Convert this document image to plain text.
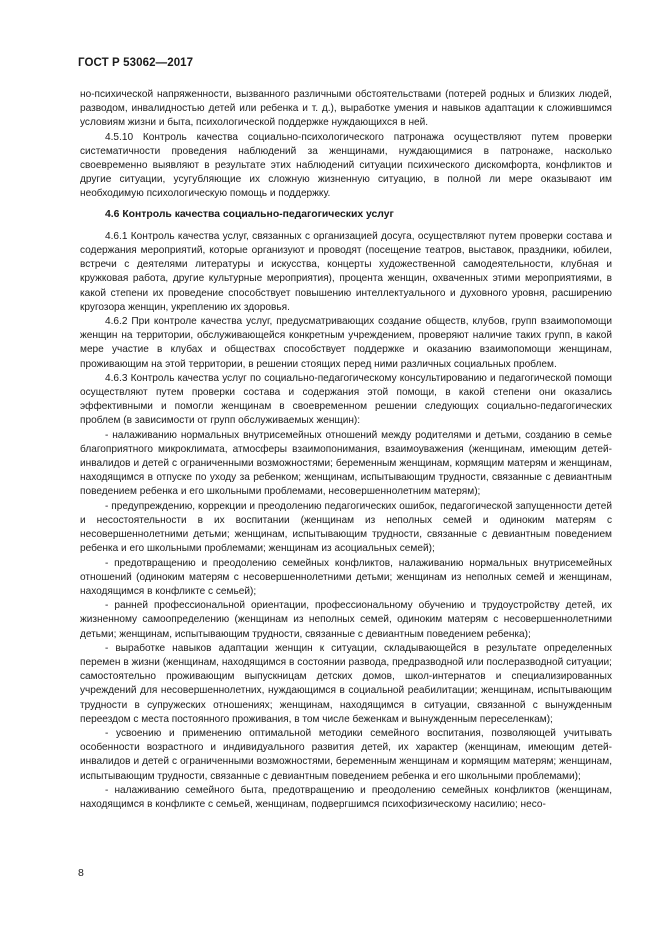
ГОСТ Р 53062—2017

но-психической напряженности, вызванного различными обстоятельствами (потерей родных и близких людей, разводом, инвалидностью детей или ребенка и т. д.), выработке умения и навыков адаптации к сложившимся условиям жизни и быта, психологической поддержке нуждающихся в ней.

4.5.10 Контроль качества социально-психологического патронажа осуществляют путем проверки систематичности проведения наблюдений за женщинами, нуждающимися в патронаже, насколько своевременно выявляют в результате этих наблюдений ситуации психического дискомфорта, конфликтов и другие ситуации, усугубляющие их сложную жизненную ситуацию, в полной ли мере оказывают им необходимую психологическую помощь и поддержку.

4.6 Контроль качества социально-педагогических услуг

4.6.1 Контроль качества услуг, связанных с организацией досуга, осуществляют путем проверки состава и содержания мероприятий, которые организуют и проводят (посещение театров, выставок, праздники, юбилеи, встречи с деятелями литературы и искусства, концерты художественной самодеятельности, клубная и кружковая работа, другие культурные мероприятия), процента женщин, охваченных этими мероприятиями, в какой степени их проведение способствует повышению интеллектуального и духовного уровня, расширению кругозора женщин, укреплению их здоровья.

4.6.2 При контроле качества услуг, предусматривающих создание обществ, клубов, групп взаимопомощи женщин на территории, обслуживающейся конкретным учреждением, проверяют наличие таких групп, в какой мере участие в клубах и обществах способствует поддержке и оказанию взаимопомощи женщинам, проживающим на этой территории, в решении стоящих перед ними различных социальных проблем.

4.6.3 Контроль качества услуг по социально-педагогическому консультированию и педагогической помощи осуществляют путем проверки состава и содержания этой помощи, в какой степени они оказались эффективными и помогли женщинам в своевременном решении следующих социально-педагогических проблем (в зависимости от групп обслуживаемых женщин):

- налаживанию нормальных внутрисемейных отношений между родителями и детьми, созданию в семье благоприятного микроклимата, атмосферы взаимопонимания, взаимоуважения (женщинам, имеющим детей-инвалидов и детей с ограниченными возможностями; беременным женщинам, кормящим матерям и женщинам, находящимся в отпуске по уходу за ребенком; женщинам, испытывающим трудности, связанные с девиантным поведением ребенка и его школьными проблемами, несовершеннолетним матерям);

- предупреждению, коррекции и преодолению педагогических ошибок, педагогической запущенности детей и несостоятельности в их воспитании (женщинам из неполных семей и одиноким матерям с несовершеннолетними детьми; женщинам, испытывающим трудности, связанные с девиантным поведением ребенка и его школьными проблемами; женщинам из асоциальных семей);

- предотвращению и преодолению семейных конфликтов, налаживанию нормальных внутрисемейных отношений (одиноким матерям с несовершеннолетними детьми; женщинам из неполных семей и женщинам, находящимся в конфликте с семьей);

- ранней профессиональной ориентации, профессиональному обучению и трудоустройству детей, их жизненному самоопределению (женщинам из неполных семей, одиноким матерям с несовершеннолетними детьми; женщинам, испытывающим трудности, связанные с девиантным поведением ребенка);

- выработке навыков адаптации женщин к ситуации, складывающейся в результате определенных перемен в жизни (женщинам, находящимся в состоянии развода, предразводной или послеразводной ситуации; самостоятельно проживающим выпускницам детских домов, школ-интернатов и специализированных учреждений для несовершеннолетних, нуждающимся в социальной реабилитации; женщинам, испытывающим трудности в супружеских отношениях; женщинам, находящимся в ситуации, связанной с вынужденным переездом с места постоянного проживания, в том числе беженкам и вынужденным переселенкам);

- усвоению и применению оптимальной методики семейного воспитания, позволяющей учитывать особенности возрастного и индивидуального развития детей, их характер (женщинам, имеющим детей-инвалидов и детей с ограниченными возможностями, беременным женщинам и кормящим матерям; женщинам, испытывающим трудности, связанные с девиантным поведением ребенка и его школьными проблемами);

- налаживанию семейного быта, предотвращению и преодолению семейных конфликтов (женщинам, находящимся в конфликте с семьей, женщинам, подвергшимся психофизическому насилию; несо-

8
